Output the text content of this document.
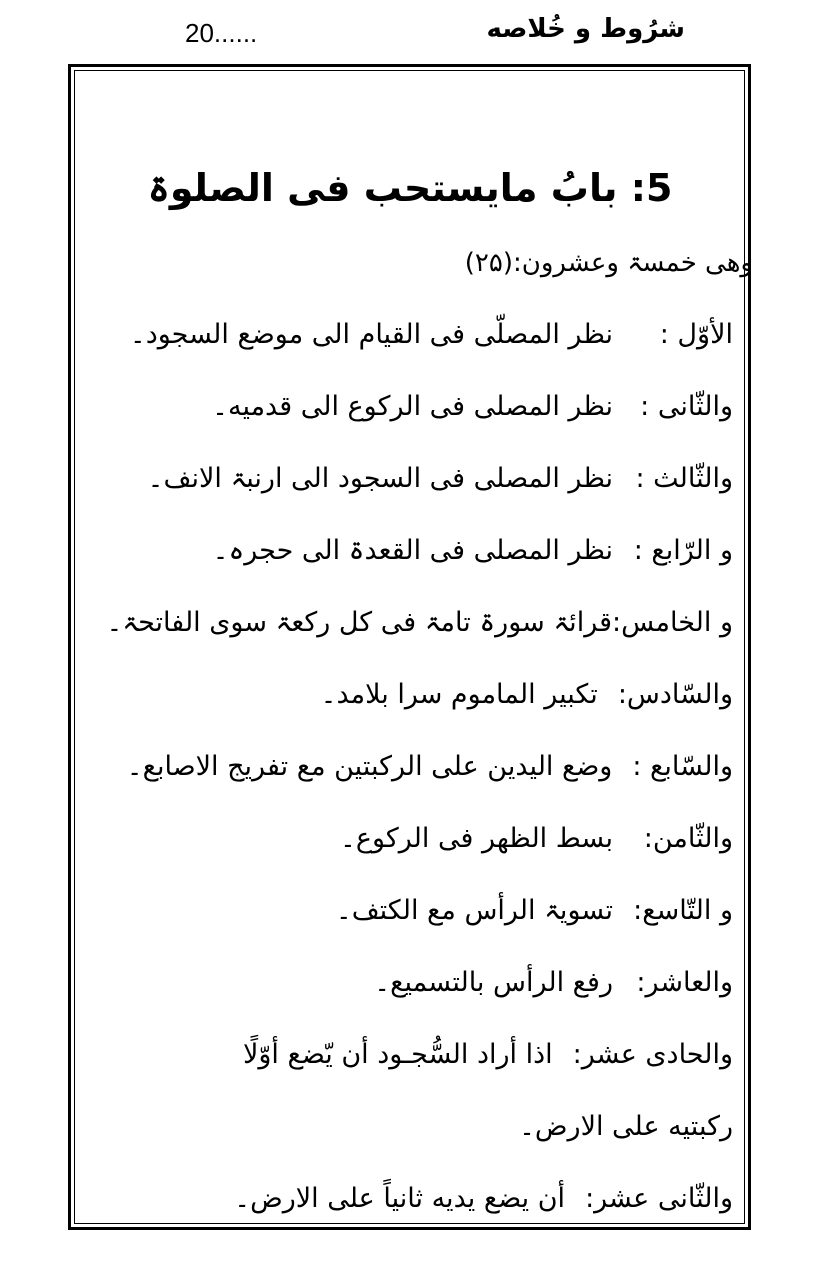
20......	شرُوط و خُلاصه
5: بابُ مایستحب فی الصلوۃ
وھی خمسۃ وعشرون:(۲۵)
الأوّل :نظر المصلّی فی القیام الی موضع السجود۔
والثّانی :نظر المصلی فی الرکوع الی قدمیه۔
والثّالث :نظر المصلی فی السجود الی ارنبۃ الانف۔
و الرّابع :نظر المصلی فی القعدۃ الی حجرہ۔
و الخامس:قرائۃ سورۃ تامۃ فی کل رکعۃ سوی الفاتحۃ۔
والسّادس:تکبیر الماموم سرا بلامد۔
والسّابع :وضع الیدین علی الرکبتین مع تفریج الاصابع۔
والثّامن:بسط الظهر فی الرکوع۔
و التّاسع:تسویۃ الرأس مع الکتف۔
والعاشر:رفع الرأس بالتسمیع۔
والحادی عشر:اذا أراد السُّجـود أن یّضع أوّلًا
رکبتیه علی الارض۔
والثّانی عشر:أن یضع یدیه ثانیاً علی الارض۔
